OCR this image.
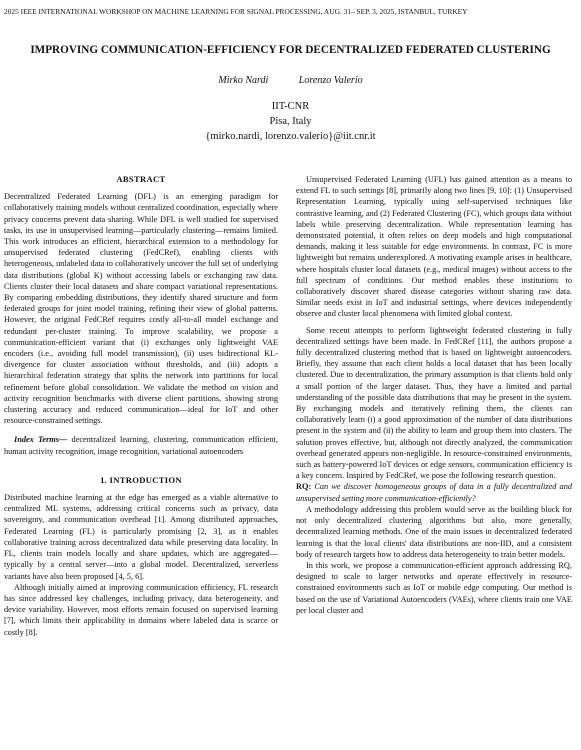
2025 IEEE INTERNATIONAL WORKSHOP ON MACHINE LEARNING FOR SIGNAL PROCESSING, AUG. 31– SEP. 3, 2025, ISTANBUL, TURKEY
IMPROVING COMMUNICATION-EFFICIENCY FOR DECENTRALIZED FEDERATED CLUSTERING
Mirko Nardi	Lorenzo Valerio
IIT-CNR
Pisa, Italy
{mirko.nardi, lorenzo.valerio}@iit.cnr.it
ABSTRACT

Decentralized Federated Learning (DFL) is an emerging paradigm for collaboratively training models without centralized coordination, especially where privacy concerns prevent data sharing. While DFL is well studied for supervised tasks, its use in unsupervised learning—particularly clustering—remains limited. This work introduces an efficient, hierarchical extension to a methodology for unsupervised federated clustering (FedCRef), enabling clients with heterogeneous, unlabeled data to collaboratively uncover the full set of underlying data distributions (global K) without accessing labels or exchanging raw data. Clients cluster their local datasets and share compact variational representations. By comparing embedding distributions, they identify shared structure and form federated groups for joint model training, refining their view of global patterns. However, the original FedCRef requires costly all-to-all model exchange and redundant per-cluster training. To improve scalability, we propose a communication-efficient variant that (i) exchanges only lightweight VAE encoders (i.e., avoiding full model transmission), (ii) uses bidirectional KL-divergence for cluster association without thresholds, and (iii) adopts a hierarchical federation strategy that splits the network into partitions for local refinement before global consolidation. We validate the method on vision and activity recognition benchmarks with diverse client partitions, showing strong clustering accuracy and reduced communication—ideal for IoT and other resource-constrained settings.

Index Terms— decentralized learning, clustering, communication efficient, human activity recognition, image recognition, variational autoencoders

1. INTRODUCTION

Distributed machine learning at the edge has emerged as a viable alternative to centralized ML systems, addressing critical concerns such as privacy, data sovereignty, and communication overhead [1]. Among distributed approaches, Federated Learning (FL) is particularly promising [2, 3], as it enables collaborative training across decentralized data while preserving data locality. In FL, clients train models locally and share updates, which are aggregated—typically by a central server—into a global model. Decentralized, serverless variants have also been proposed [4, 5, 6].

Although initially aimed at improving communication efficiency, FL research has since addressed key challenges, including privacy, data heterogeneity, and device variability. However, most efforts remain focused on supervised learning [7], which limits their applicability in domains where labeled data is scarce or costly [8].

Unsupervised Federated Learning (UFL) has gained attention as a means to extend FL to such settings [8], primarily along two lines [9, 10]: (1) Unsupervised Representation Learning, typically using self-supervised techniques like contrastive learning, and (2) Federated Clustering (FC), which groups data without labels while preserving decentralization. While representation learning has demonstrated potential, it often relies on deep models and high computational demands, making it less suitable for edge environments. In contrast, FC is more lightweight but remains underexplored. A motivating example arises in healthcare, where hospitals cluster local datasets (e.g., medical images) without access to the full spectrum of conditions. Our method enables these institutions to collaboratively discover shared disease categories without sharing raw data. Similar needs exist in IoT and industrial settings, where devices independently observe and cluster local phenomena with limited global context.

Some recent attempts to perform lightweight federated clustering in fully decentralized settings have been made. In FedCRef [11], the authors propose a fully decentralized clustering method that is based on lightweight autoencoders. Briefly, they assume that each client holds a local dataset that has been locally clustered. Due to decentralization, the primary assumption is that clients hold only a small portion of the larger dataset. Thus, they have a limited and partial understanding of the possible data distributions that may be present in the system. By exchanging models and iteratively refining them, the clients can collaboratively learn (i) a good approximation of the number of data distributions present in the system and (ii) the ability to learn and group them into clusters. The solution proves effective, but, although not directly analyzed, the communication overhead generated appears non-negligible. In resource-constrained environments, such as battery-powered IoT devices or edge sensors, communication efficiency is a key concern. Inspired by FedCRef, we pose the following research question.

RQ: Can we discover homogeneous groups of data in a fully decentralized and unsupervised setting more communication-efficiently?

A methodology addressing this problem would serve as the building block for not only decentralized clustering algorithms but also, more generally, decentralized learning methods. One of the main issues in decentralized federated learning is that the local clients' data distributions are non-IID, and a consistent body of research targets how to address data heterogeneity to train better models.

In this work, we propose a communication-efficient approach addressing RQ, designed to scale to larger networks and operate effectively in resource-constrained environments such as IoT or mobile edge computing. Our method is based on the use of Variational Autoencoders (VAEs), where clients train one VAE per local cluster and
